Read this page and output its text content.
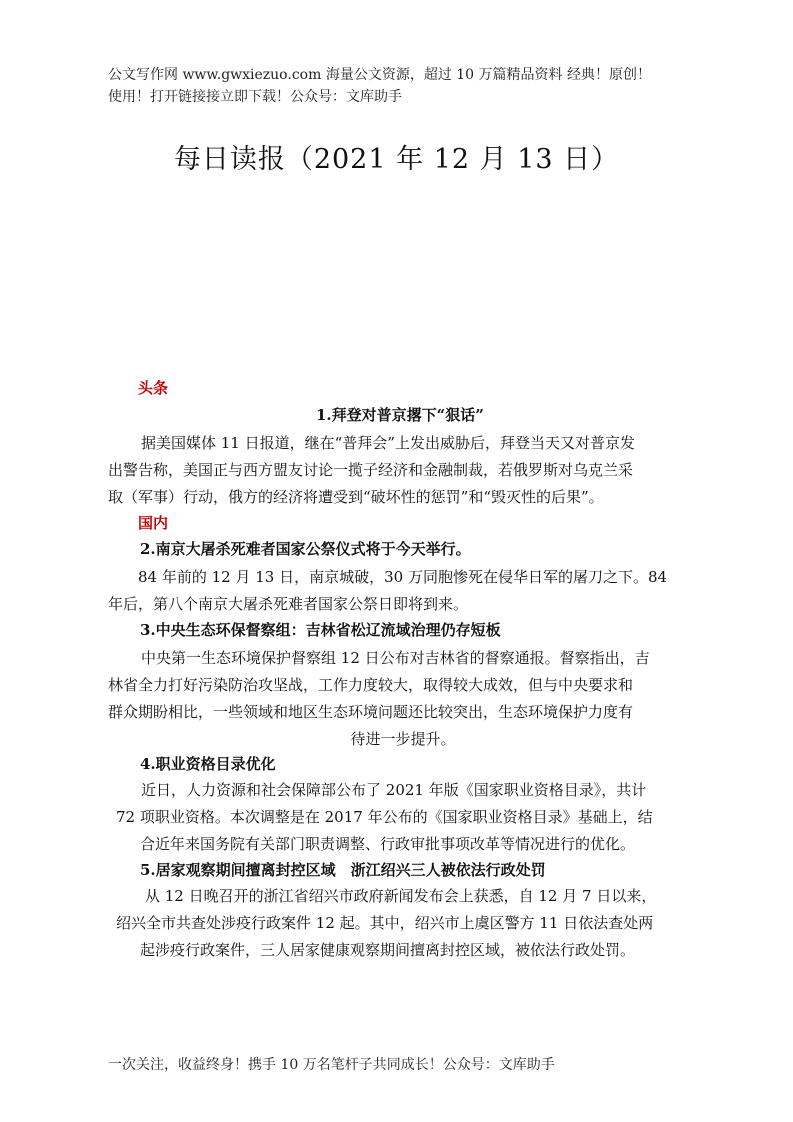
公文写作网 www.gwxiezuo.com 海量公文资源，超过 10 万篇精品资料 经典！原创！
使用！打开链接接立即下载！公众号：文库助手
每日读报（2021 年 12 月 13 日）
头条
1.拜登对普京撂下“狠话”
据美国媒体 11 日报道，继在“普拜会”上发出威胁后，拜登当天又对普京发
出警告称，美国正与西方盟友讨论一揽子经济和金融制裁，若俄罗斯对乌克兰采
取（军事）行动，俄方的经济将遭受到“破坏性的惩罚”和“毁灭性的后果”。
国内
2.南京大屠杀死难者国家公祭仪式将于今天举行。
84 年前的 12 月 13 日，南京城破，30 万同胞惨死在侵华日军的屠刀之下。84
年后，第八个南京大屠杀死难者国家公祭日即将到来。
3.中央生态环保督察组：吉林省松辽流域治理仍存短板
中央第一生态环境保护督察组 12 日公布对吉林省的督察通报。督察指出，吉
林省全力打好污染防治攻坚战，工作力度较大，取得较大成效，但与中央要求和
群众期盼相比，一些领域和地区生态环境问题还比较突出，生态环境保护力度有
待进一步提升。
4.职业资格目录优化
近日，人力资源和社会保障部公布了 2021 年版《国家职业资格目录》，共计
72 项职业资格。本次调整是在 2017 年公布的《国家职业资格目录》基础上，结
合近年来国务院有关部门职责调整、行政审批事项改革等情况进行的优化。
5.居家观察期间擅离封控区域　浙江绍兴三人被依法行政处罚
从 12 日晚召开的浙江省绍兴市政府新闻发布会上获悉，自 12 月 7 日以来，
绍兴全市共查处涉疫行政案件 12 起。其中，绍兴市上虞区警方 11 日依法查处两
起涉疫行政案件，三人居家健康观察期间擅离封控区域，被依法行政处罚。
一次关注，收益终身！携手 10 万名笔杆子共同成长！公众号：文库助手
